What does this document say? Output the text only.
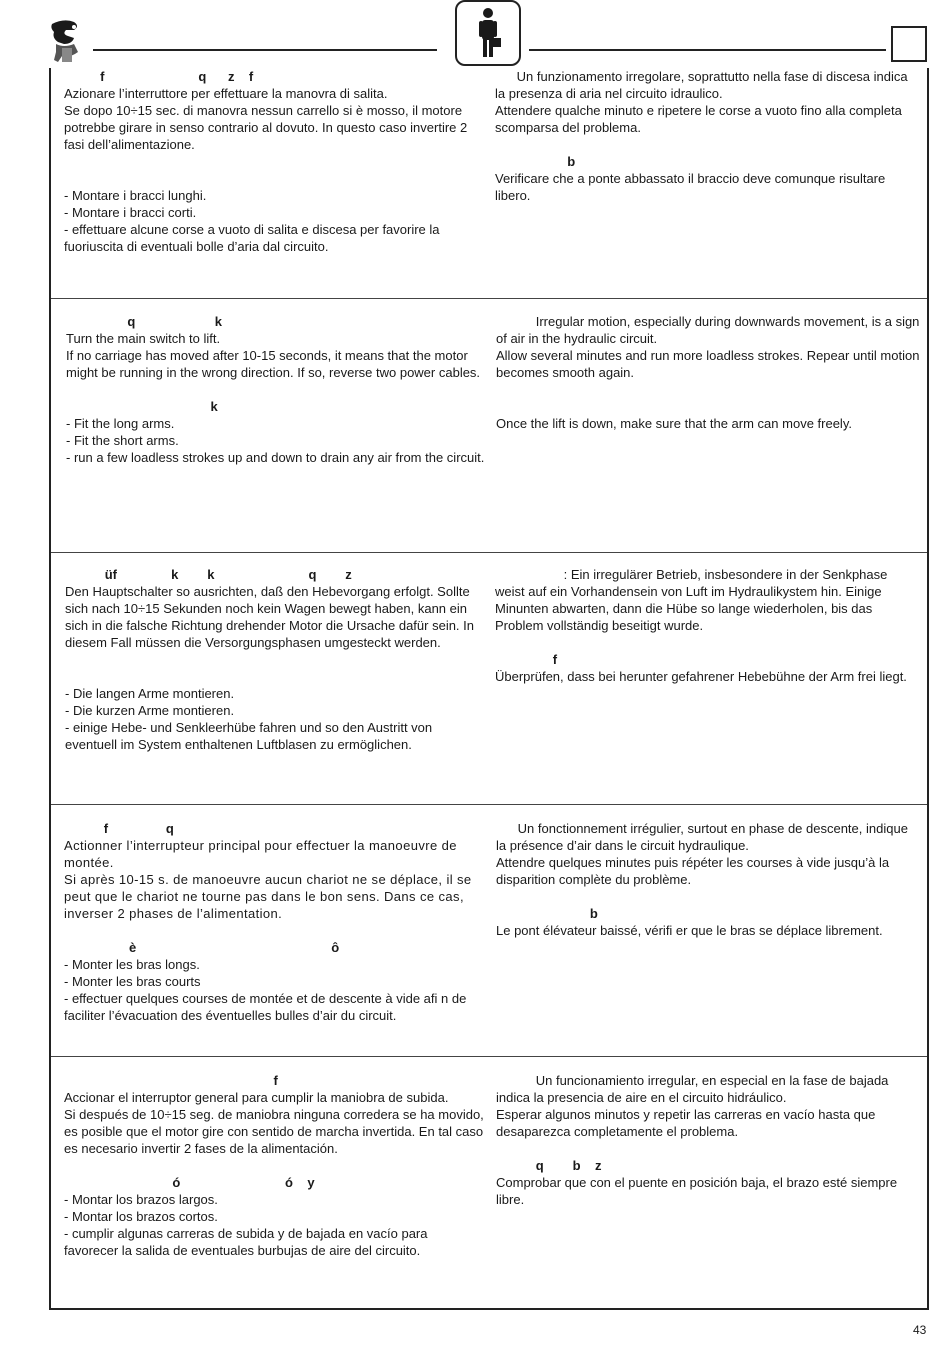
f                          q      z    f

Azionare l’interruttore per effettuare la manovra di salita.

Se dopo 10÷15 sec. di manovra nessun carrello si è mosso, il motore potrebbe girare in senso contrario al dovuto. In questo caso invertire 2 fasi dell’alimentazione.

- Montare i bracci lunghi.

- Montare i bracci corti.

- effettuare alcune corse a vuoto di salita e discesa per favorire la fuoriuscita di eventuali bolle d’aria dal circuito.

Un funzionamento irregolare, soprattutto nella fase di discesa indica la presenza di aria nel circuito idraulico.

Attendere qualche minuto e ripetere le corse a vuoto fino alla completa scomparsa del problema.

b

Verificare che a ponte abbassato il braccio deve comunque risultare libero.

q                      k

Turn the main switch to lift.

If no carriage has moved after 10-15 seconds, it means that the motor might be running in the wrong direction. If so, reverse two power cables.

k

- Fit the long arms.

- Fit the short arms.

- run a few loadless strokes up and down to drain any air from the circuit.

Irregular motion, especially during downwards movement, is a sign of air in the hydraulic circuit.

Allow several minutes and run more loadless strokes. Repear until motion becomes smooth again.

Once the lift is down, make sure that the arm can move freely.

üf               k        k                          q        z

Den Hauptschalter so ausrichten, daß den Hebevorgang erfolgt. Sollte sich nach 10÷15 Sekunden noch kein Wagen bewegt haben, kann ein sich in die falsche Richtung drehender Motor die Ursache dafür sein. In diesem Fall müssen die Versorgungsphasen umgesteckt werden.

- Die langen Arme montieren.

- Die kurzen Arme montieren.

- einige Hebe- und Senkleerhübe fahren und so den Austritt von eventuell im System enthaltenen Luftblasen zu ermöglichen.

: Ein irregulärer Betrieb, insbesondere in der Senkphase weist auf ein Vorhandensein von Luft im Hydraulikystem hin. Einige Minunten abwarten, dann die Hübe so lange wiederholen, bis das Problem vollständig beseitigt wurde.

f

Überprüfen, dass bei herunter gefahrener Hebebühne der Arm frei liegt.

f                q

Actionner l’interrupteur principal pour effectuer la manoeuvre de montée.

Si après 10-15 s. de manoeuvre aucun chariot ne se déplace, il se peut que le chariot ne tourne pas dans le bon sens. Dans ce cas, inverser 2 phases de l’alimentation.

è                                                      ô

- Monter les bras longs.

- Monter les bras courts

- effectuer quelques courses de montée et de descente à vide afi n de faciliter l’évacuation des éventuelles bulles d’air du circuit.

Un fonctionnement irrégulier, surtout en phase de descente, indique la présence d’air dans le circuit hydraulique.

Attendre quelques minutes puis répéter les courses à vide jusqu’à la disparition complète du problème.

b

Le pont élévateur baissé, vérifi er que le bras se déplace librement.

f

Accionar el interruptor general para cumplir la maniobra de subida.

Si después de 10÷15 seg. de maniobra ninguna corredera se ha movido, es posible que el motor gire con sentido de marcha invertida. En tal caso es necesario invertir 2 fases de la alimentación.

ó                             ó    y

- Montar los brazos largos.

- Montar los brazos cortos.

- cumplir algunas carreras de subida y de bajada en vacío para favorecer la salida de eventuales burbujas de aire del circuito.

Un funcionamiento irregular, en especial en la fase de bajada indica la presencia de aire en el circuito hidráulico.

Esperar algunos minutos y repetir las carreras en vacío hasta que desaparezca completamente el problema.

q        b    z

Comprobar que con el puente en posición baja, el brazo esté siempre libre.

43
